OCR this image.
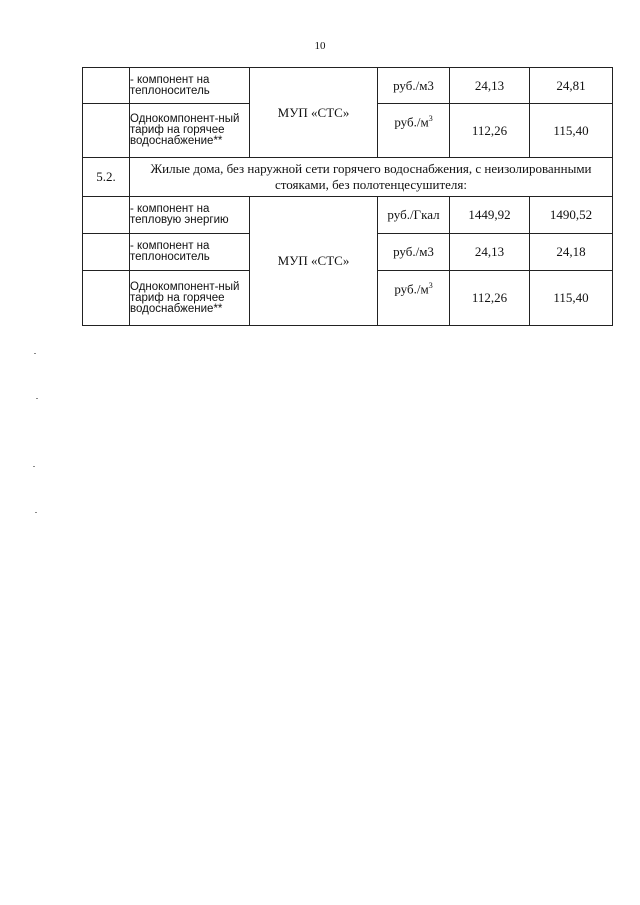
10
	- компонент на теплоноситель	МУП «СТС»	руб./м3	24,13	24,81
	Однокомпонент-ный тариф на горячее водоснабжение**		$руб./м^3$	112,26	115,40
5.2.	Жилые дома, без наружной сети горячего водоснабжения, с неизолированными стояками, без полотенцесушителя:				
	- компонент на тепловую энергию	МУП «СТС»	руб./Гкал	1449,92	1490,52
	- компонент на теплоноситель		руб./м3	24,13	24,18
	Однокомпонент-ный тариф на горячее водоснабжение**		$руб./м^3$	112,26	115,40
